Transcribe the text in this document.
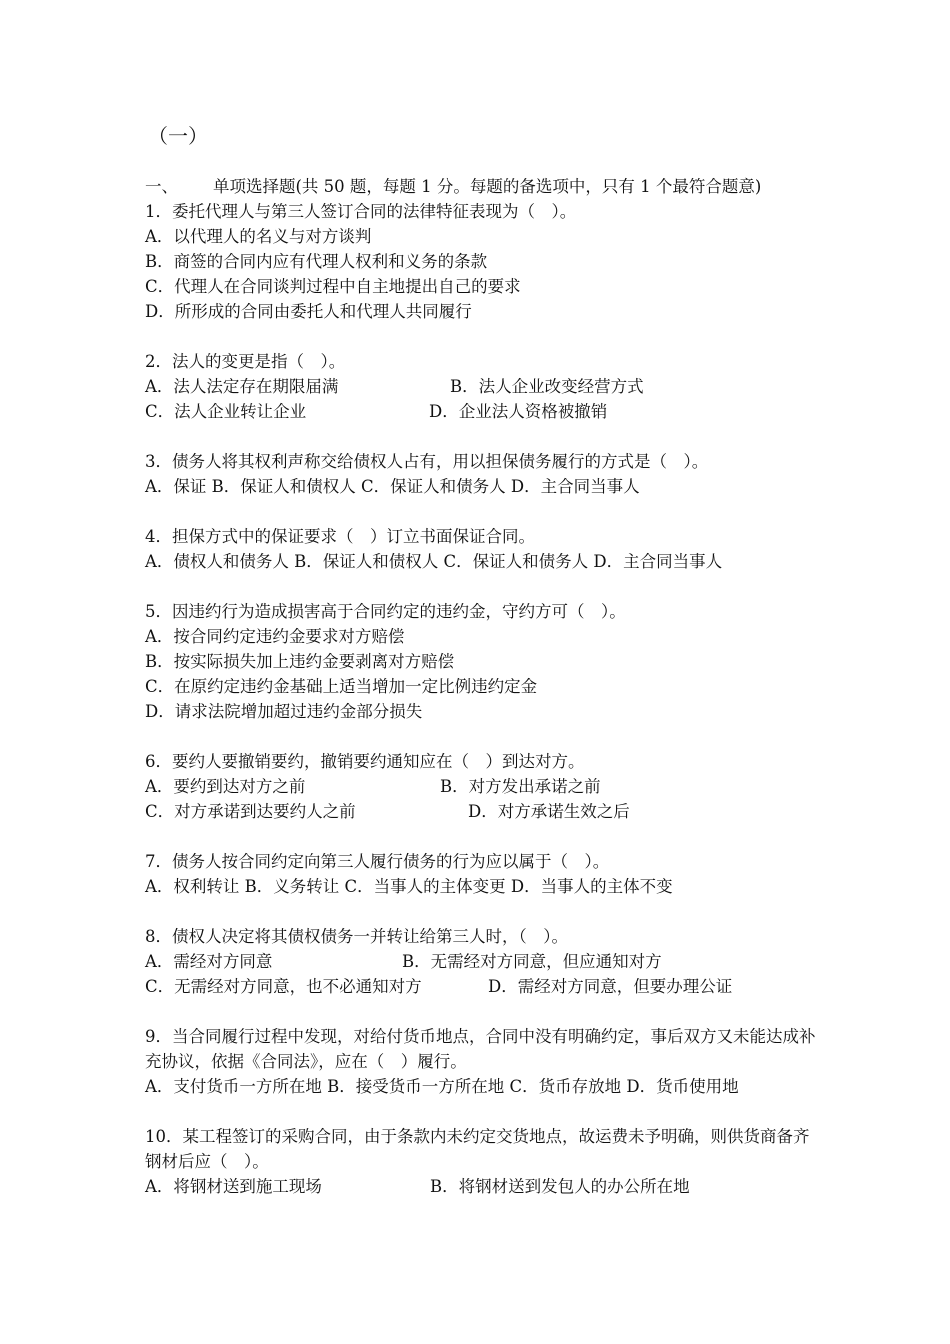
（一）
一、 单项选择题(共 50 题，每题 1 分。每题的备选项中，只有 1 个最符合题意)
1．委托代理人与第三人签订合同的法律特征表现为（　）。
A．以代理人的名义与对方谈判
B．商签的合同内应有代理人权利和义务的条款
C．代理人在合同谈判过程中自主地提出自己的要求
D．所形成的合同由委托人和代理人共同履行
2．法人的变更是指（　）。
A．法人法定存在期限届满	B．法人企业改变经营方式
C．法人企业转让企业	D．企业法人资格被撤销
3．债务人将其权利声称交给债权人占有，用以担保债务履行的方式是（　）。
A．保证 B．保证人和债权人 C．保证人和债务人 D．主合同当事人
4．担保方式中的保证要求（　）订立书面保证合同。
A．债权人和债务人 B．保证人和债权人 C．保证人和债务人 D．主合同当事人
5．因违约行为造成损害高于合同约定的违约金，守约方可（　）。
A．按合同约定违约金要求对方赔偿
B．按实际损失加上违约金要剥离对方赔偿
C．在原约定违约金基础上适当增加一定比例违约定金
D．请求法院增加超过违约金部分损失
6．要约人要撤销要约，撤销要约通知应在（　）到达对方。
A．要约到达对方之前	B．对方发出承诺之前
C．对方承诺到达要约人之前	D．对方承诺生效之后
7．债务人按合同约定向第三人履行债务的行为应以属于（　）。
A．权利转让 B．义务转让 C．当事人的主体变更 D．当事人的主体不变
8．债权人决定将其债权债务一并转让给第三人时，（　）。
A．需经对方同意	B．无需经对方同意，但应通知对方
C．无需经对方同意，也不必通知对方	D．需经对方同意，但要办理公证
9．当合同履行过程中发现，对给付货币地点，合同中没有明确约定，事后双方又未能达成补充协议，依据《合同法》，应在（　）履行。
A．支付货币一方所在地 B．接受货币一方所在地 C．货币存放地 D．货币使用地
10．某工程签订的采购合同，由于条款内未约定交货地点，故运费未予明确，则供货商备齐钢材后应（　）。
A．将钢材送到施工现场	B．将钢材送到发包人的办公所在地
